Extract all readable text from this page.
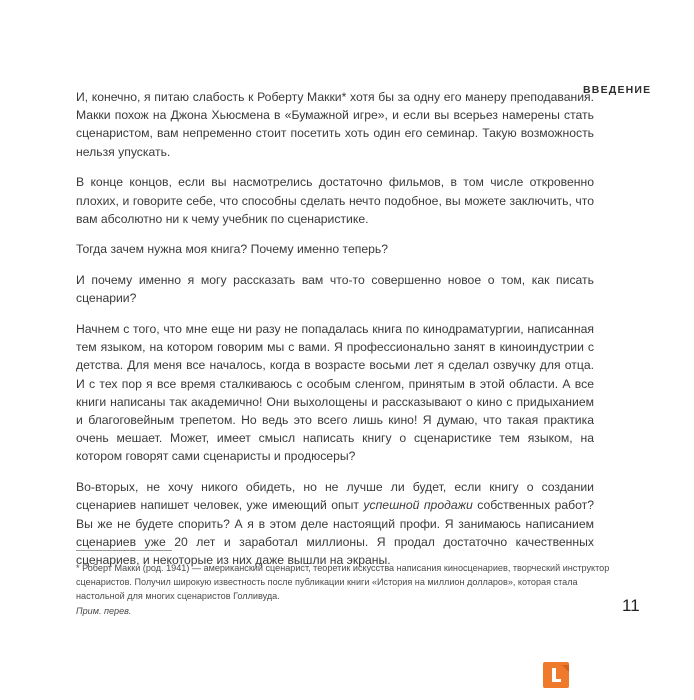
ВВЕДЕНИЕ

И, конечно, я питаю слабость к Роберту Макки* хотя бы за одну его манеру преподавания. Макки похож на Джона Хьюсмена в «Бумажной игре», и если вы всерьез намерены стать сценаристом, вам непременно стоит посетить хоть один его семинар. Такую возможность нельзя упускать.

В конце концов, если вы насмотрелись достаточно фильмов, в том числе откровенно плохих, и говорите себе, что способны сделать нечто подобное, вы можете заключить, что вам абсолютно ни к чему учебник по сценаристике.

Тогда зачем нужна моя книга? Почему именно теперь?

И почему именно я могу рассказать вам что-то совершенно новое о том, как писать сценарии?

Начнем с того, что мне еще ни разу не попадалась книга по кинодраматургии, написанная тем языком, на котором говорим мы с вами. Я профессионально занят в киноиндустрии с детства. Для меня все началось, когда в возрасте восьми лет я сделал озвучку для отца. И с тех пор я все время сталкиваюсь с особым сленгом, принятым в этой области. А все книги написаны так академично! Они выхолощены и рассказывают о кино с придыханием и благоговейным трепетом. Но ведь это всего лишь кино! Я думаю, что такая практика очень мешает. Может, имеет смысл написать книгу о сценаристике тем языком, на котором говорят сами сценаристы и продюсеры?

Во-вторых, не хочу никого обидеть, но не лучше ли будет, если книгу о создании сценариев напишет человек, уже имеющий опыт успешной продажи собственных работ? Вы же не будете спорить? А я в этом деле настоящий профи. Я занимаюсь написанием сценариев уже 20 лет и заработал миллионы. Я продал достаточно качественных сценариев, и некоторые из них даже вышли на экраны.

* Роберт Макки (род. 1941) — американский сценарист, теоретик искусства написания киносценариев, творческий инструктор сценаристов. Получил широкую известность после публикации книги «История на миллион долларов», которая стала настольной для многих сценаристов Голливуда.
Прим. перев.	11
